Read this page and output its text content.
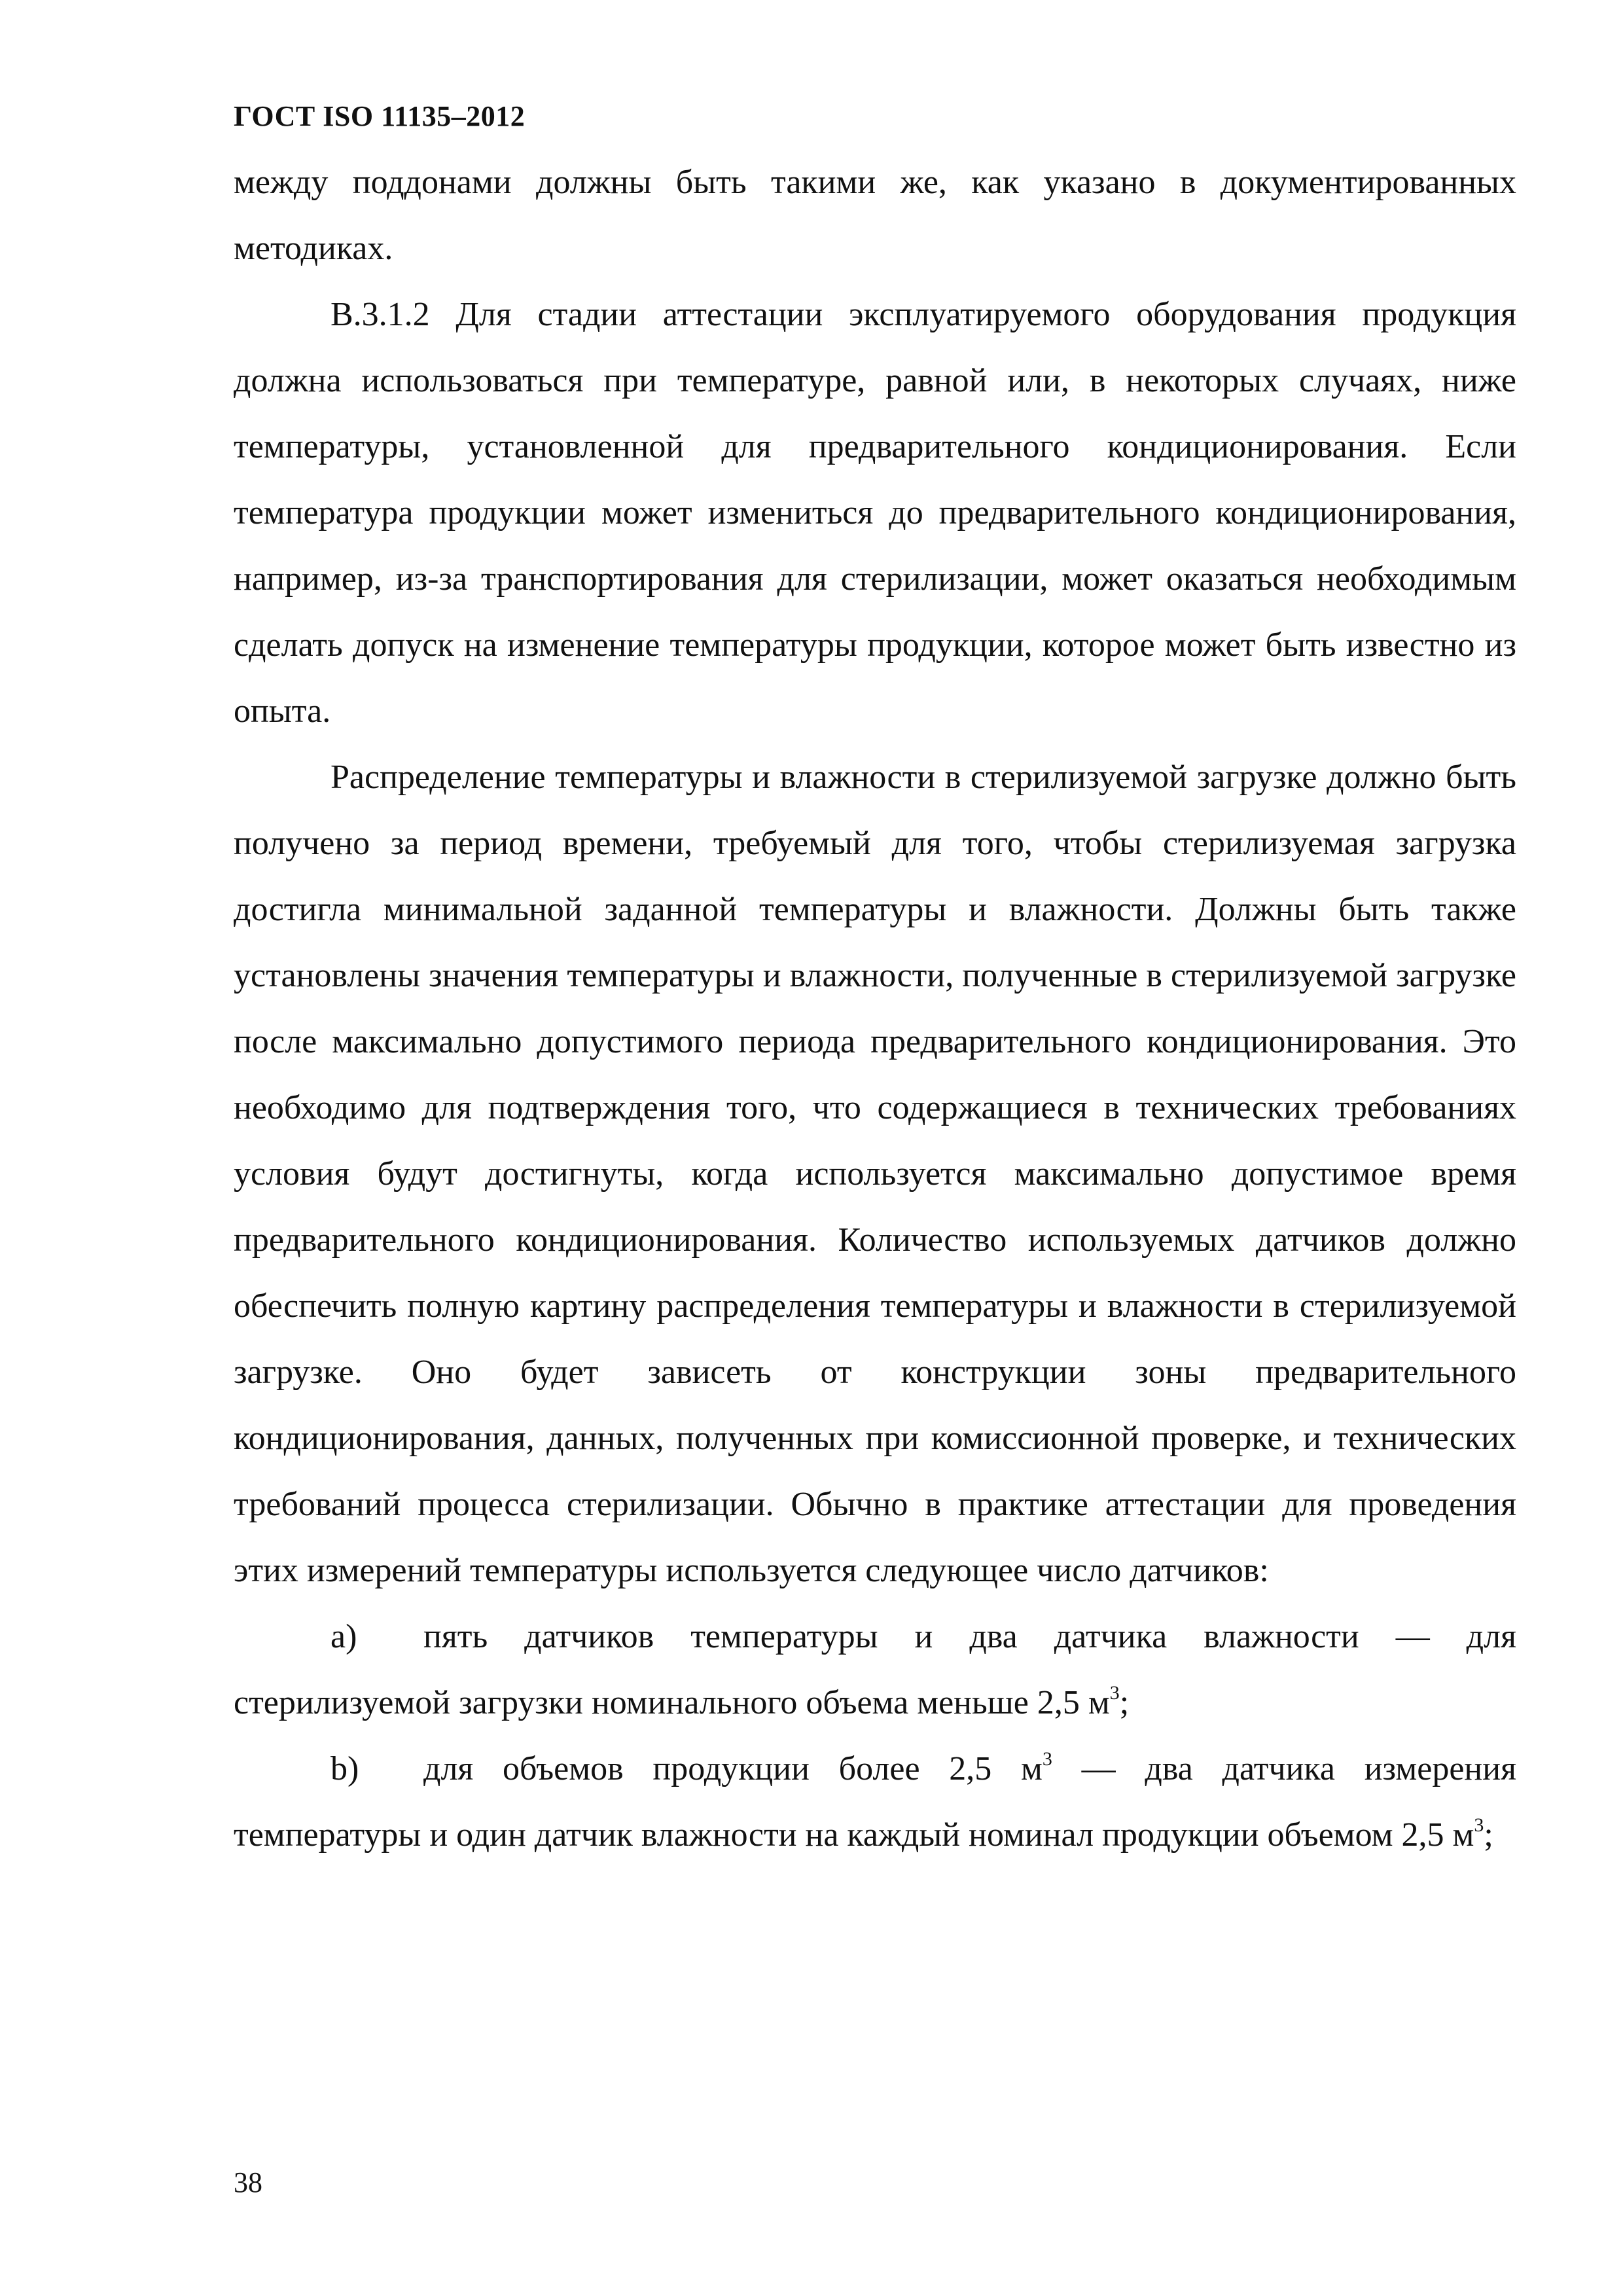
ГОСТ ISO 11135–2012

между поддонами должны быть такими же, как указано в документированных методиках.

В.3.1.2 Для стадии аттестации эксплуатируемого оборудования продукция должна использоваться при температуре, равной или, в некоторых случаях, ниже температуры, установленной для предварительного кондиционирования. Если температура продукции может измениться до предварительного кондиционирования, например, из-за транспортирования для стерилизации, может оказаться необходимым сделать допуск на изменение температуры продукции, которое может быть известно из опыта.

Распределение температуры и влажности в стерилизуемой загрузке должно быть получено за период времени, требуемый для того, чтобы стерилизуемая загрузка достигла минимальной заданной температуры и влажности. Должны быть также установлены значения температуры и влажности, полученные в стерилизуемой загрузке после максимально допустимого периода предварительного кондиционирования. Это необходимо для подтверждения того, что содержащиеся в технических требованиях условия будут достигнуты, когда используется максимально допустимое время предварительного кондиционирования. Количество используемых датчиков должно обеспечить полную картину распределения температуры и влажности в стерилизуемой загрузке. Оно будет зависеть от конструкции зоны предварительного кондиционирования, данных, полученных при комиссионной проверке, и технических требований процесса стерилизации. Обычно в практике аттестации для проведения этих измерений температуры используется следующее число датчиков:

а) пять датчиков температуры и два датчика влажности — для стерилизуемой загрузки номинального объема меньше 2,5 $м^3$;

b) для объемов продукции более 2,5 $м^3$ — два датчика измерения температуры и один датчик влажности на каждый номинал продукции объемом 2,5 $м^3$;

38
